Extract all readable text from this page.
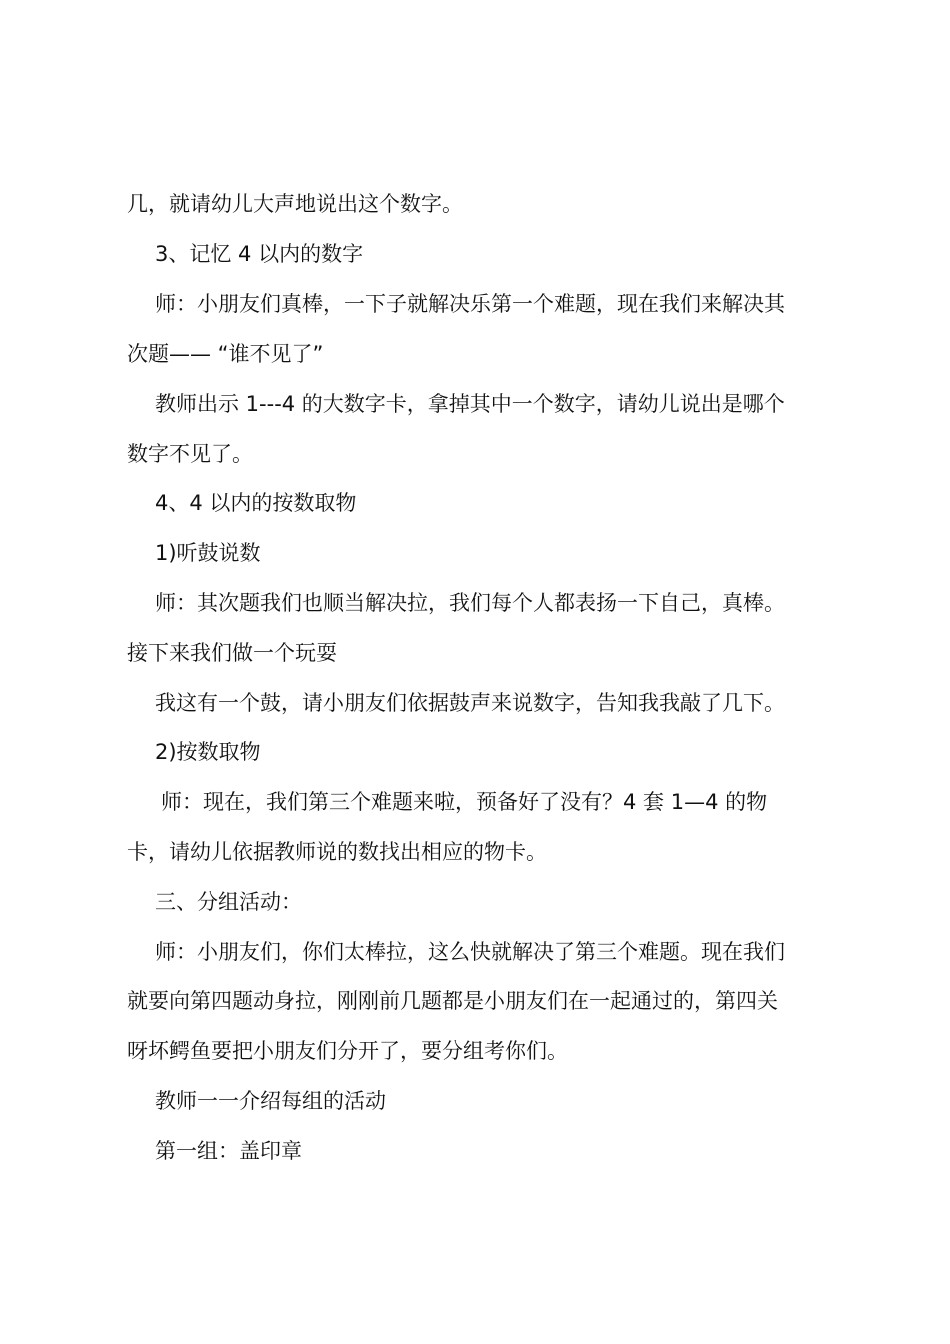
几，就请幼儿大声地说出这个数字。
3、记忆 4 以内的数字
师：小朋友们真棒，一下子就解决乐第一个难题，现在我们来解决其
次题—— “谁不见了”
教师出示 1---4 的大数字卡，拿掉其中一个数字，请幼儿说出是哪个
数字不见了。
4、4 以内的按数取物
1)听鼓说数
师：其次题我们也顺当解决拉，我们每个人都表扬一下自己，真棒。
接下来我们做一个玩耍
我这有一个鼓，请小朋友们依据鼓声来说数字，告知我我敲了几下。
2)按数取物
师：现在，我们第三个难题来啦，预备好了没有？4 套 1—4 的物
卡，请幼儿依据教师说的数找出相应的物卡。
三、分组活动：
师：小朋友们，你们太棒拉，这么快就解决了第三个难题。现在我们
就要向第四题动身拉，刚刚前几题都是小朋友们在一起通过的，第四关
呀坏鳄鱼要把小朋友们分开了，要分组考你们。
教师一一介绍每组的活动
第一组：盖印章
